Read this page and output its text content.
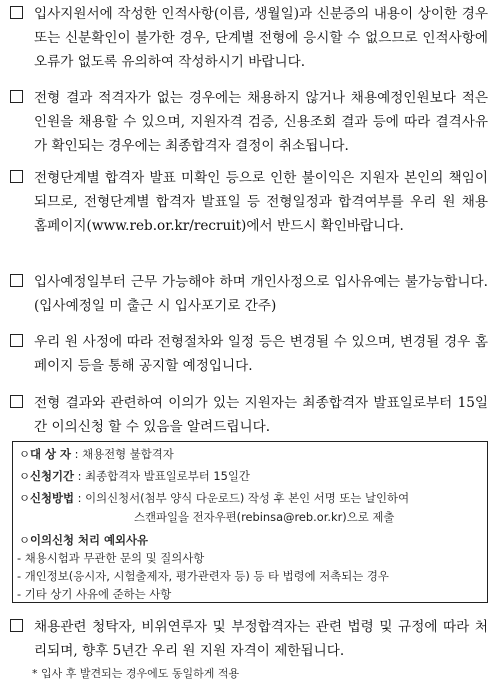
입사지원서에 작성한 인적사항(이름, 생월일)과 신분증의 내용이 상이한 경우 또는 신분확인이 불가한 경우, 단계별 전형에 응시할 수 없으므로 인적사항에 오류가 없도록 유의하여 작성하시기 바랍니다.
전형 결과 적격자가 없는 경우에는 채용하지 않거나 채용예정인원보다 적은 인원을 채용할 수 있으며, 지원자격 검증, 신용조회 결과 등에 따라 결격사유가 확인되는 경우에는 최종합격자 결정이 취소됩니다.
전형단계별 합격자 발표 미확인 등으로 인한 불이익은 지원자 본인의 책임이 되므로, 전형단계별 합격자 발표일 등 전형일정과 합격여부를 우리 원 채용 홈페이지(www.reb.or.kr/recruit)에서 반드시 확인바랍니다.
입사예정일부터 근무 가능해야 하며 개인사정으로 입사유예는 불가능합니다.(입사예정일 미 출근 시 입사포기로 간주)
우리 원 사정에 따라 전형절차와 일정 등은 변경될 수 있으며, 변경될 경우 홈페이지 등을 통해 공지할 예정입니다.
전형 결과와 관련하여 이의가 있는 지원자는 최종합격자 발표일로부터 15일간 이의신청 할 수 있음을 알려드립니다.
ㅇ대 상 자 : 채용전형 불합격자
ㅇ신청기간 : 최종합격자 발표일로부터 15일간
ㅇ신청방법 : 이의신청서(첨부 양식 다운로드) 작성 후 본인 서명 또는 날인하여
스캔파일을 전자우편(rebinsa@reb.or.kr)으로 제출
ㅇ이의신청 처리 예외사유
- 채용시험과 무관한 문의 및 질의사항
- 개인정보(응시자, 시험출제자, 평가관련자 등) 등 타 법령에 저촉되는 경우
- 기타 상기 사유에 준하는 사항
채용관련 청탁자, 비위연루자 및 부정합격자는 관련 법령 및 규정에 따라 처리되며, 향후 5년간 우리 원 지원 자격이 제한됩니다.
* 입사 후 발견되는 경우에도 동일하게 적용
